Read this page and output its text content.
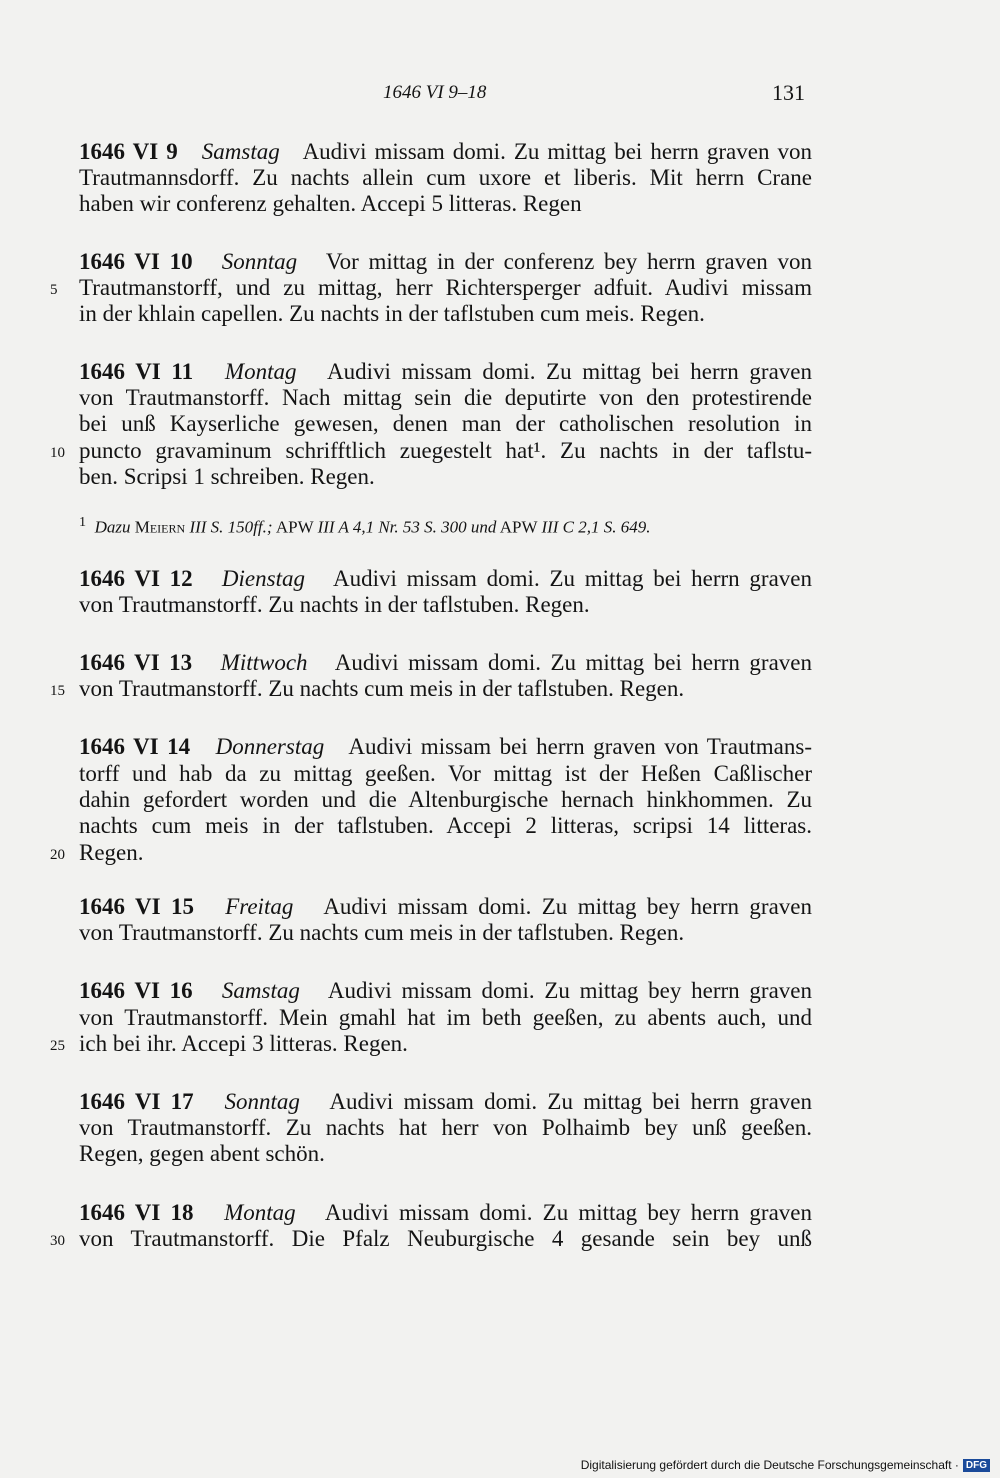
1646 VI 9–18	131
1646 VI 9 Samstag Audivi missam domi. Zu mittag bei herrn graven von
Trautmannsdorff. Zu nachts allein cum uxore et liberis. Mit herrn Crane
haben wir conferenz gehalten. Accepi 5 litteras. Regen
1646 VI 10 Sonntag Vor mittag in der conferenz bey herrn graven von
5 Trautmanstorff, und zu mittag, herr Richtersperger adfuit. Audivi missam
in der khlain capellen. Zu nachts in der taflstuben cum meis. Regen.
1646 VI 11 Montag Audivi missam domi. Zu mittag bei herrn graven
von Trautmanstorff. Nach mittag sein die deputirte von den protestirende
bei unß Kayserliche gewesen, denen man der catholischen resolution in
10 puncto gravaminum schrifftlich zuegestelt hat¹. Zu nachts in der taflstu-
ben. Scripsi 1 schreiben. Regen.
$^1$ Dazu Meiern III S. 150ff.; APW III A 4,1 Nr. 53 S. 300 und APW III C 2,1 S. 649.
1646 VI 12 Dienstag Audivi missam domi. Zu mittag bei herrn graven
von Trautmanstorff. Zu nachts in der taflstuben. Regen.
1646 VI 13 Mittwoch Audivi missam domi. Zu mittag bei herrn graven
15 von Trautmanstorff. Zu nachts cum meis in der taflstuben. Regen.
1646 VI 14 Donnerstag Audivi missam bei herrn graven von Trautmans-
torff und hab da zu mittag geeßen. Vor mittag ist der Heßen Caßlischer
dahin gefordert worden und die Altenburgische hernach hinkhommen. Zu
nachts cum meis in der taflstuben. Accepi 2 litteras, scripsi 14 litteras.
20 Regen.
1646 VI 15 Freitag Audivi missam domi. Zu mittag bey herrn graven
von Trautmanstorff. Zu nachts cum meis in der taflstuben. Regen.
1646 VI 16 Samstag Audivi missam domi. Zu mittag bey herrn graven
von Trautmanstorff. Mein gmahl hat im beth geeßen, zu abents auch, und
25 ich bei ihr. Accepi 3 litteras. Regen.
1646 VI 17 Sonntag Audivi missam domi. Zu mittag bei herrn graven
von Trautmanstorff. Zu nachts hat herr von Polhaimb bey unß geeßen.
Regen, gegen abent schön.
1646 VI 18 Montag Audivi missam domi. Zu mittag bey herrn graven
30 von Trautmanstorff. Die Pfalz Neuburgische 4 gesande sein bey unß
Digitalisierung gefördert durch die Deutsche Forschungsgemeinschaft · DFG
